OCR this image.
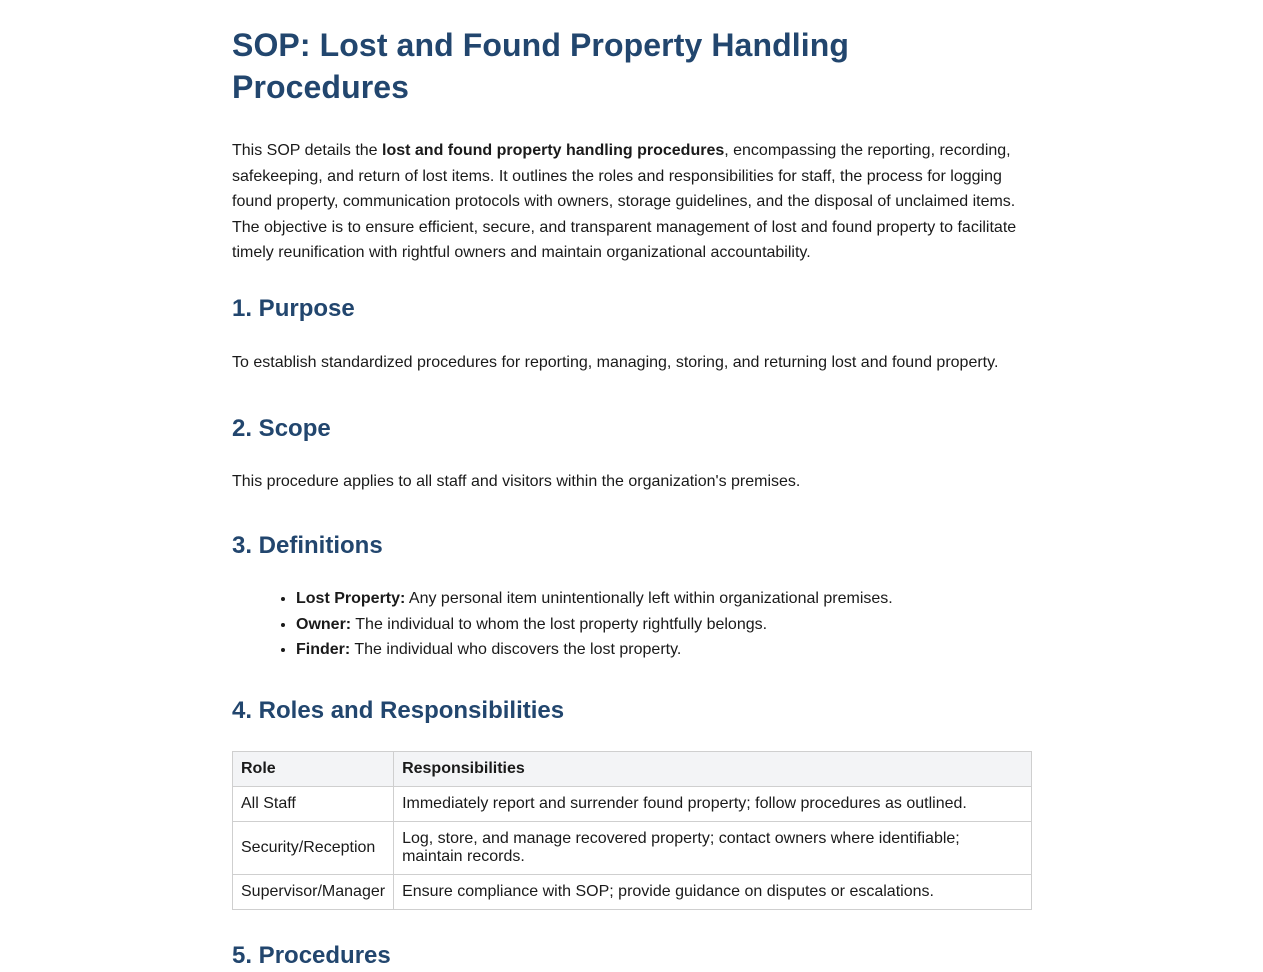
SOP: Lost and Found Property Handling Procedures

This SOP details the lost and found property handling procedures, encompassing the reporting, recording, safekeeping, and return of lost items. It outlines the roles and responsibilities for staff, the process for logging found property, communication protocols with owners, storage guidelines, and the disposal of unclaimed items. The objective is to ensure efficient, secure, and transparent management of lost and found property to facilitate timely reunification with rightful owners and maintain organizational accountability.

1. Purpose

To establish standardized procedures for reporting, managing, storing, and returning lost and found property.

2. Scope

This procedure applies to all staff and visitors within the organization's premises.

3. Definitions
• Lost Property: Any personal item unintentionally left within organizational premises.
• Owner: The individual to whom the lost property rightfully belongs.
• Finder: The individual who discovers the lost property.
4. Roles and Responsibilities
Role	Responsibilities
All Staff	Immediately report and surrender found property; follow procedures as outlined.
Security/Reception	Log, store, and manage recovered property; contact owners where identifiable; maintain records.
Supervisor/Manager	Ensure compliance with SOP; provide guidance on disputes or escalations.
5. Procedures
